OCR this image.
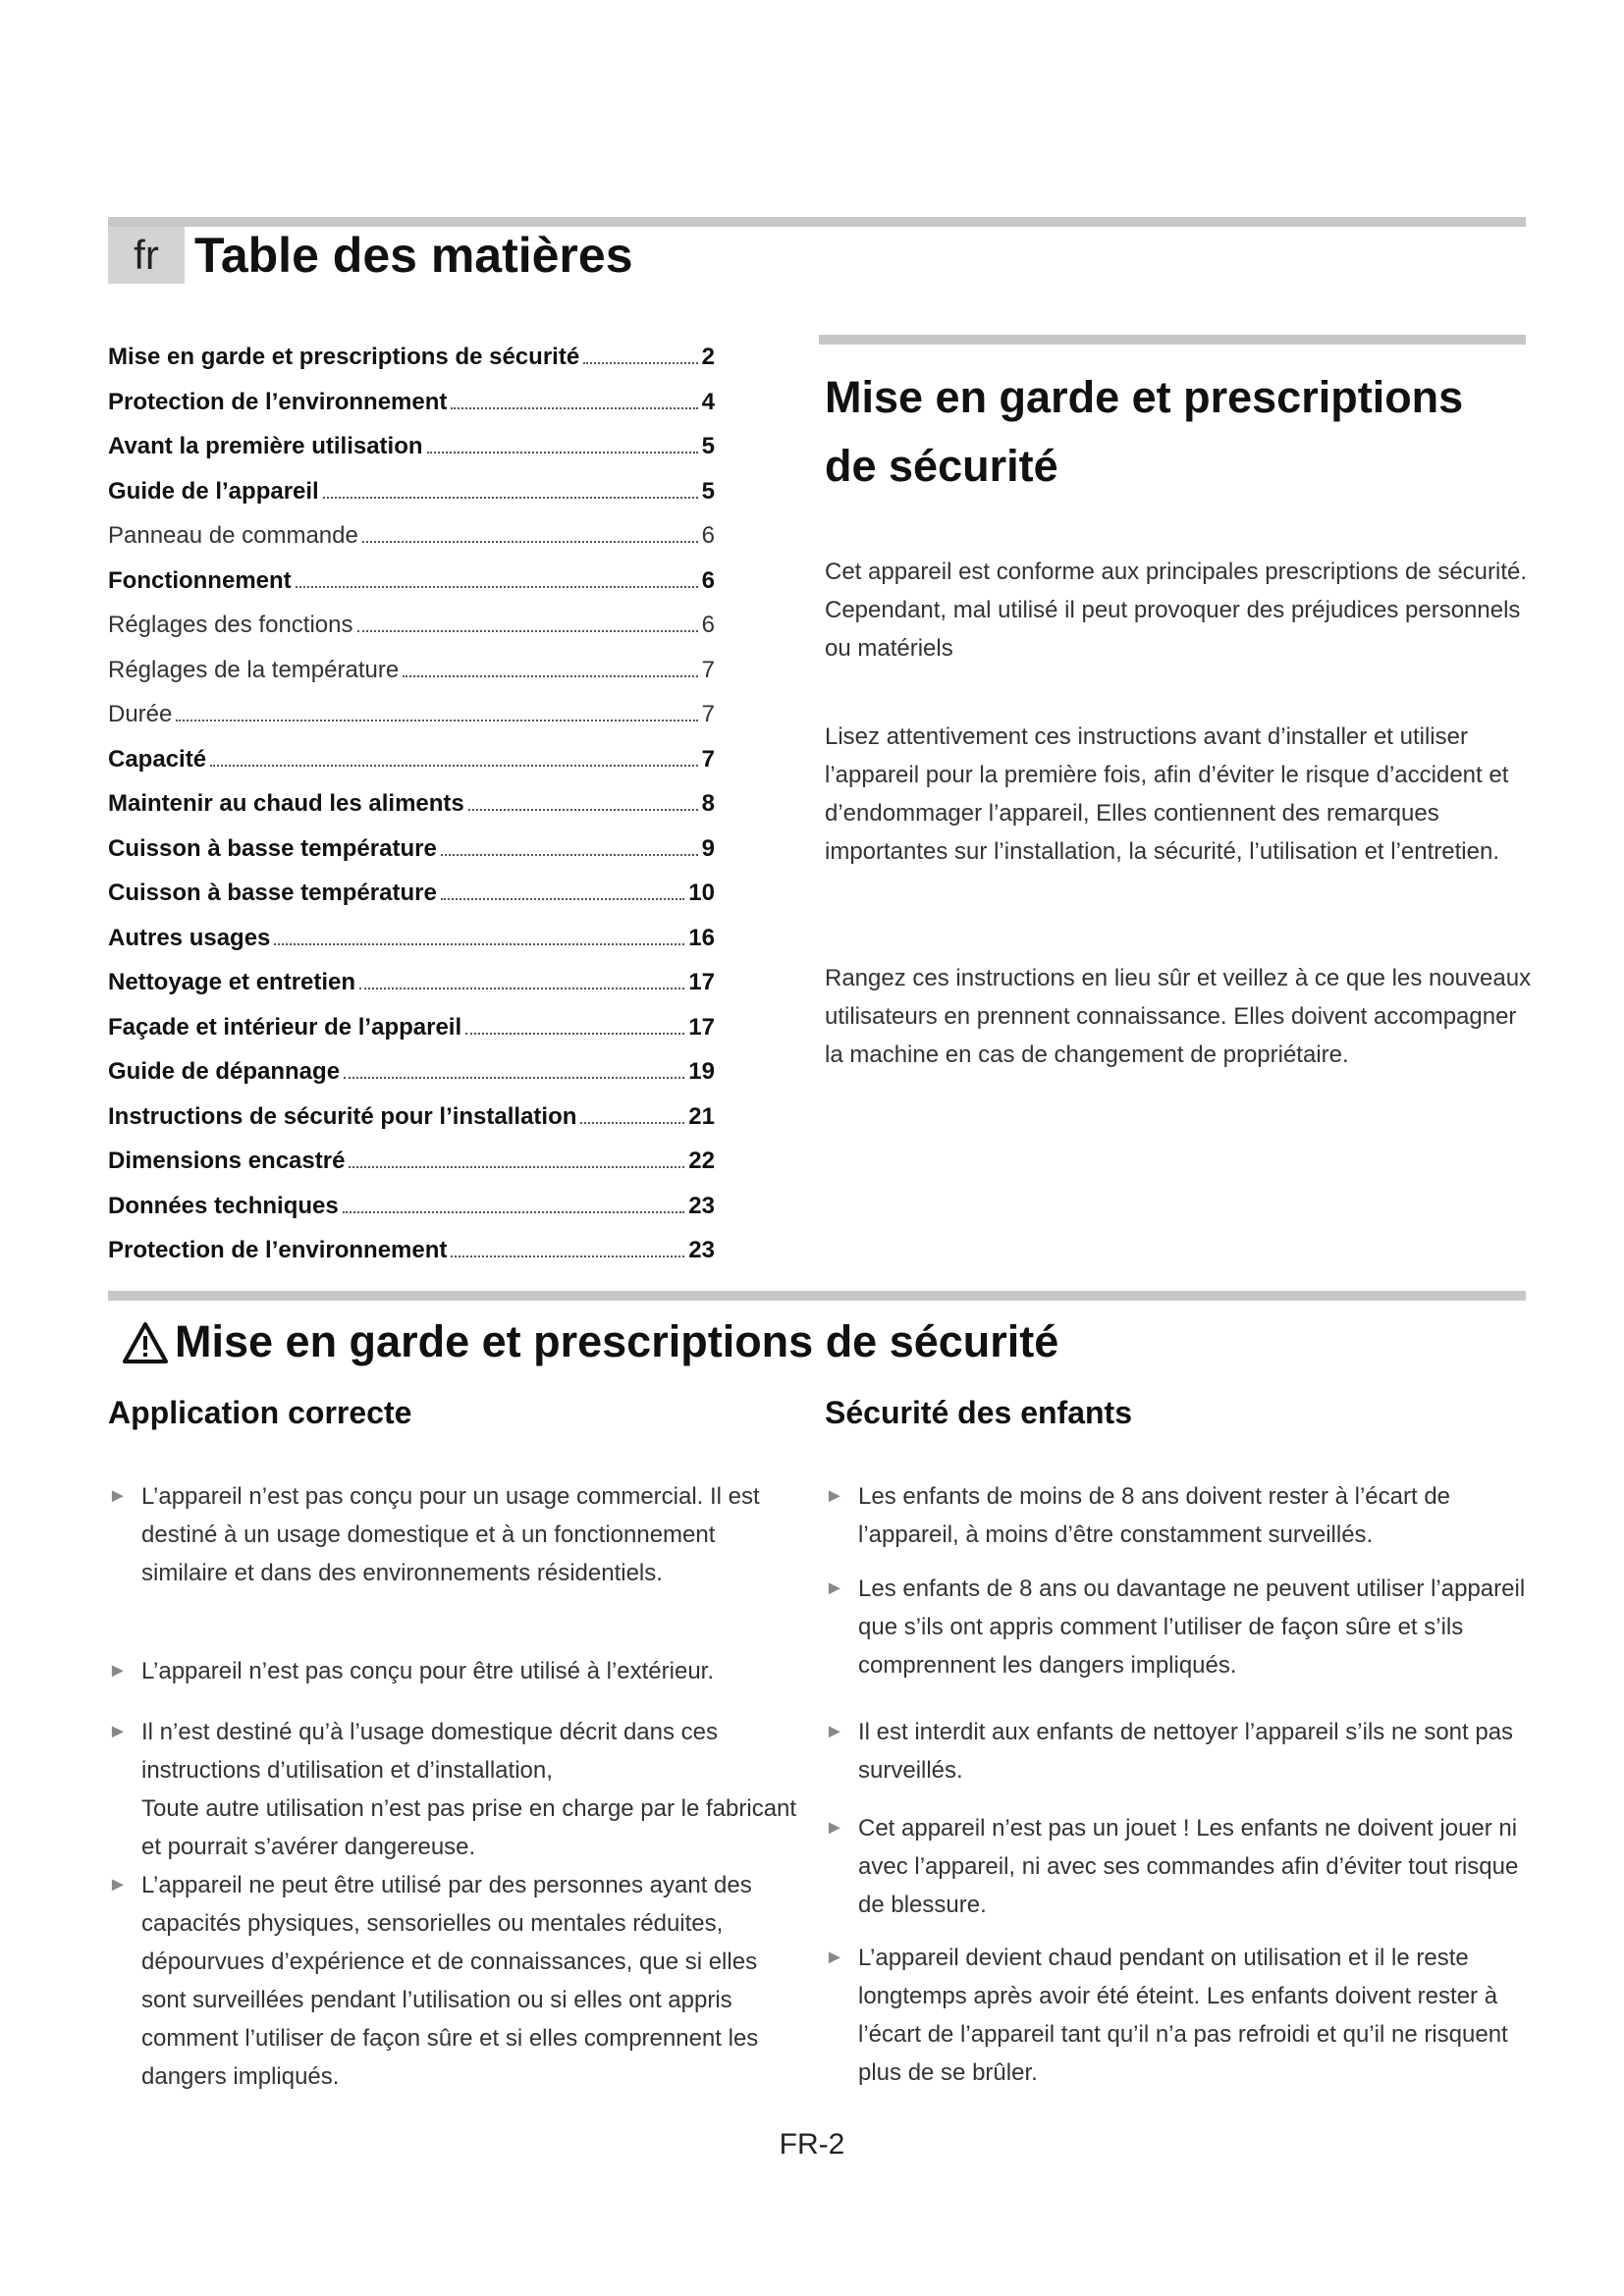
fr Table des matières
Mise en garde et prescriptions de sécurité	2
Protection de l’environnement	4
Avant la première utilisation	5
Guide de l’appareil	5
Panneau de commande	6
Fonctionnement	6
Réglages des fonctions	6
Réglages de la température	7
Durée	7
Capacité	7
Maintenir au chaud les aliments	8
Cuisson à basse température	9
Cuisson à basse température	10
Autres usages	16
Nettoyage et entretien	17
Façade et intérieur de l’appareil	17
Guide de dépannage	19
Instructions de sécurité pour l’installation	21
Dimensions encastré	22
Données techniques	23
Protection de l’environnement	23
Mise en garde et prescriptions de sécurité
Cet appareil est conforme aux principales prescriptions de sécurité. Cependant, mal utilisé il peut provoquer des préjudices personnels ou matériels
Lisez attentivement ces instructions avant d’installer et utiliser l’appareil pour la première fois, afin d’éviter le risque d’accident et d’endommager l’appareil, Elles contiennent des remarques importantes sur l’installation, la sécurité, l’utilisation et l’entretien.
Rangez ces instructions en lieu sûr et veillez à ce que les nouveaux utilisateurs en prennent connaissance. Elles doivent accompagner la machine en cas de changement de propriétaire.
Mise en garde et prescriptions de sécurité
Application correcte
► L’appareil n’est pas conçu pour un usage commercial. Il est destiné à un usage domestique et à un fonctionnement similaire et dans des environnements résidentiels.
► L’appareil n’est pas conçu pour être utilisé à l’extérieur.
► Il n’est destiné qu’à l’usage domestique décrit dans ces instructions d’utilisation et d’installation,
Toute autre utilisation n’est pas prise en charge par le fabricant et pourrait s’avérer dangereuse.
► L’appareil ne peut être utilisé par des personnes ayant des capacités physiques, sensorielles ou mentales réduites, dépourvues d’expérience et de connaissances, que si elles sont surveillées pendant l’utilisation ou si elles ont appris comment l’utiliser de façon sûre et si elles comprennent les dangers impliqués.
Sécurité des enfants
► Les enfants de moins de 8 ans doivent rester à l’écart de l’appareil, à moins d’être constamment surveillés.
► Les enfants de 8 ans ou davantage ne peuvent utiliser l’appareil que s’ils ont appris comment l’utiliser de façon sûre et s’ils comprennent les dangers impliqués.
► Il est interdit aux enfants de nettoyer l’appareil s’ils ne sont pas surveillés.
► Cet appareil n’est pas un jouet ! Les enfants ne doivent jouer ni avec l’appareil, ni avec ses commandes afin d’éviter tout risque de blessure.
► L’appareil devient chaud pendant on utilisation et il le reste longtemps après avoir été éteint. Les enfants doivent rester à l’écart de l’appareil tant qu’il n’a pas refroidi et qu’il ne risquent plus de se brûler.
FR-2
